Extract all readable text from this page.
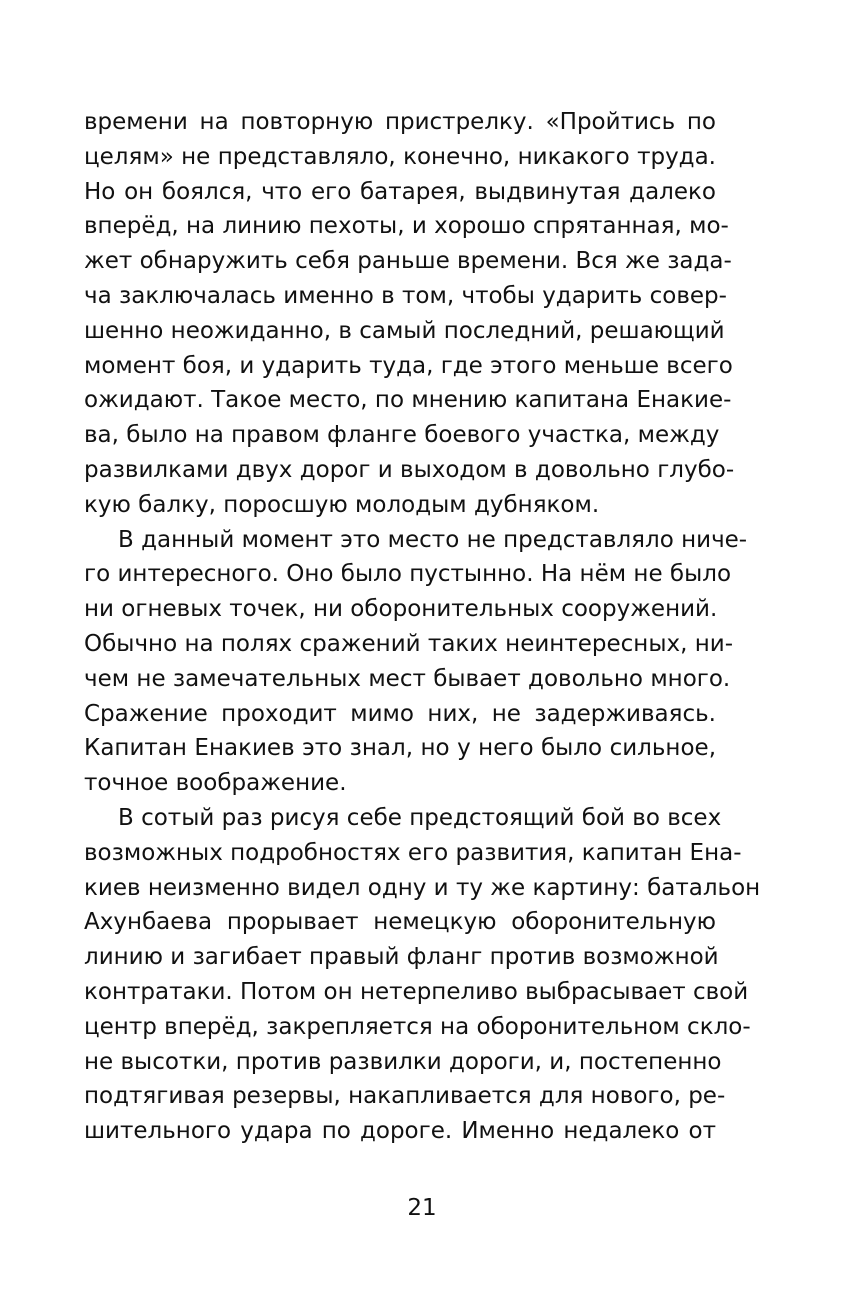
времени на повторную пристрелку. «Пройтись по
целям» не представляло, конечно, никакого труда.
Но он боялся, что его батарея, выдвинутая далеко
вперёд, на линию пехоты, и хорошо спрятанная, мо-
жет обнаружить себя раньше времени. Вся же зада-
ча заключалась именно в том, чтобы ударить совер-
шенно неожиданно, в самый последний, решающий
момент боя, и ударить туда, где этого меньше всего
ожидают. Такое место, по мнению капитана Енакие-
ва, было на правом фланге боевого участка, между
развилками двух дорог и выходом в довольно глубо-
кую балку, поросшую молодым дубняком.
В данный момент это место не представляло ниче-
го интересного. Оно было пустынно. На нём не было
ни огневых точек, ни оборонительных сооружений.
Обычно на полях сражений таких неинтересных, ни-
чем не замечательных мест бывает довольно много.
Сражение проходит мимо них, не задерживаясь.
Капитан Енакиев это знал, но у него было сильное,
точное воображение.
В сотый раз рисуя себе предстоящий бой во всех
возможных подробностях его развития, капитан Ена-
киев неизменно видел одну и ту же картину: батальон
Ахунбаева прорывает немецкую оборонительную
линию и загибает правый фланг против возможной
контратаки. Потом он нетерпеливо выбрасывает свой
центр вперёд, закрепляется на оборонительном скло-
не высотки, против развилки дороги, и, постепенно
подтягивая резервы, накапливается для нового, ре-
шительного удара по дороге. Именно недалеко от
21
